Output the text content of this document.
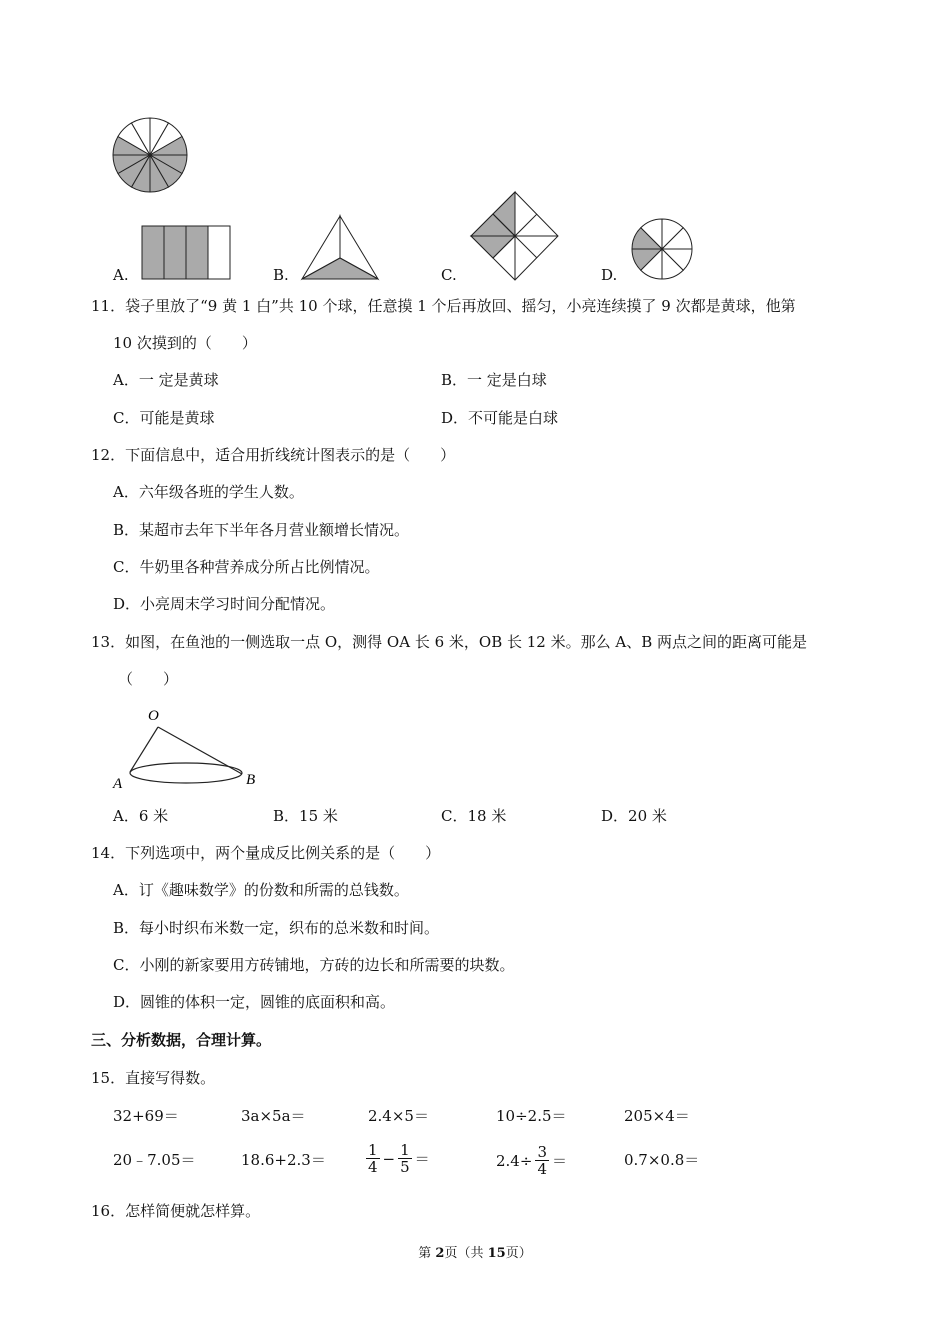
A.	B.	C.	D.
11．袋子里放了“9 黄 1 白”共 10 个球，任意摸 1 个后再放回、摇匀，小亮连续摸了 9 次都是黄球，他第
10 次摸到的（　　）
A．一 定是黄球	B．一 定是白球
C．可能是黄球	D．不可能是白球
12．下面信息中，适合用折线统计图表示的是（　　）
A．六年级各班的学生人数。
B．某超市去年下半年各月营业额增长情况。
C．牛奶里各种营养成分所占比例情况。
D．小亮周末学习时间分配情况。
13．如图，在鱼池的一侧选取一点 O，测得 OA 长 6 米，OB 长 12 米。那么 A、B 两点之间的距离可能是
（　　）
O
A	B
A．6 米	B．15 米	C．18 米	D．20 米
14．下列选项中，两个量成反比例关系的是（　　）
A．订《趣味数学》的份数和所需的总钱数。
B．每小时织布米数一定，织布的总米数和时间。
C．小刚的新家要用方砖铺地，方砖的边长和所需要的块数。
D．圆锥的体积一定，圆锥的底面积和高。
三、分析数据，合理计算。
15．直接写得数。
32+69＝	3a×5a＝	2.4×5＝	10÷2.5＝	205×4＝
20﹣7.05＝	18.6+2.3＝	$\frac{1}{4} - \frac{1}{5}$ ＝	$2.4\div \frac{3}{4}$ ＝	0.7×0.8＝
16．怎样简便就怎样算。
第 2页（共 15页）
